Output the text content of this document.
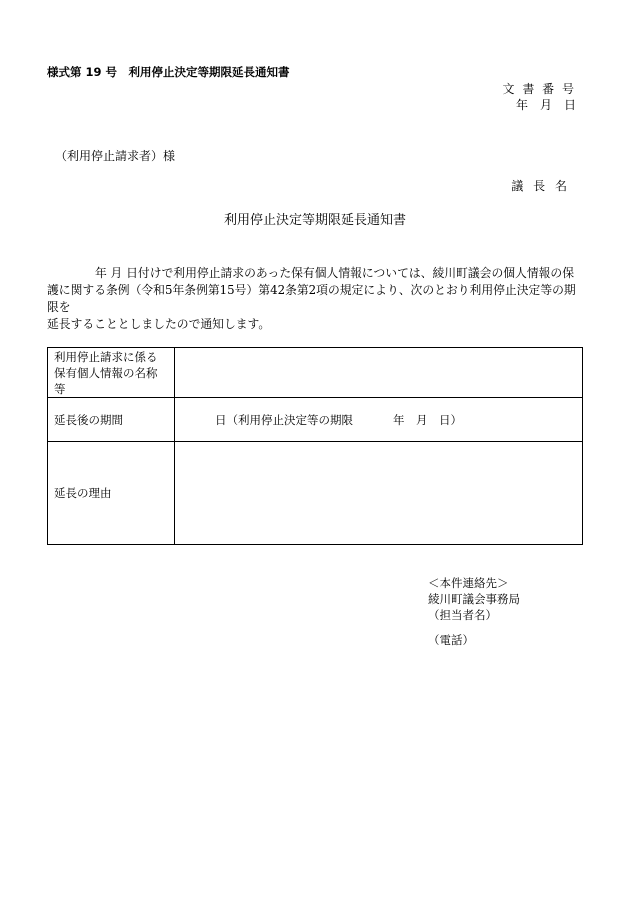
様式第 19 号　利用停止決定等期限延長通知書
文 書 番 号
年　月　日
（利用停止請求者）様
議 長 名
利用停止決定等期限延長通知書

年 月 日付けで利用停止請求のあった保有個人情報については、綾川町議会の個人情報の保

護に関する条例（令和5年条例第15号）第42条第2項の規定により、次のとおり利用停止決定等の期限を

延長することとしましたので通知します。

利用停止請求に係る
保有個人情報の名称
等	

延長後の期間	日（利用停止決定等の期限 年　月　日）
延長の理由	
＜本件連絡先＞
綾川町議会事務局
（担当者名）
（電話）
